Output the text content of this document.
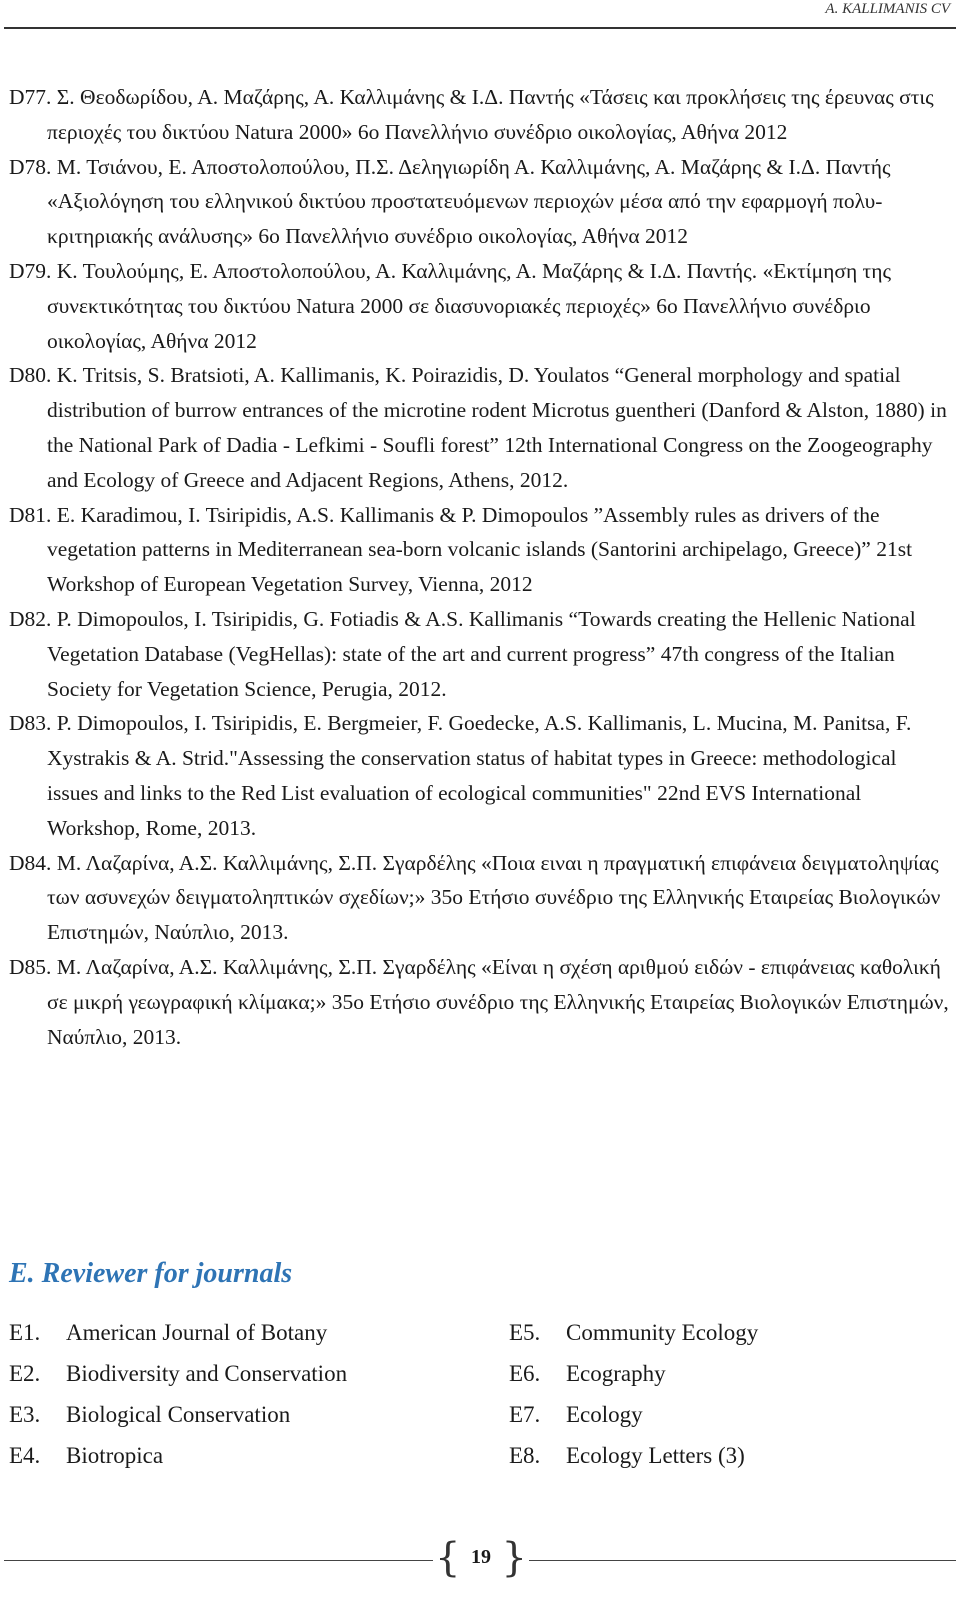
A. KALLIMANIS CV

D77. Σ. Θεοδωρίδου, Α. Μαζάρης, Α. Καλλιμάνης & Ι.Δ. Παντής «Τάσεις και προκλήσεις της έρευνας στις περιοχές του δικτύου Natura 2000» 6ο Πανελλήνιο συνέδριο οικολογίας, Αθήνα 2012

D78. Μ. Τσιάνου, Ε. Αποστολοπούλου, Π.Σ. Δεληγιωρίδη Α. Καλλιμάνης, Α. Μαζάρης & Ι.Δ. Παντής «Αξιολόγηση του ελληνικού δικτύου προστατευόμενων περιοχών μέσα από την εφαρμογή πολυ-κριτηριακής ανάλυσης» 6ο Πανελλήνιο συνέδριο οικολογίας, Αθήνα 2012

D79. Κ. Τουλούμης, Ε. Αποστολοπούλου, Α. Καλλιμάνης, Α. Μαζάρης & Ι.Δ. Παντής. «Εκτίμηση της συνεκτικότητας του δικτύου Natura 2000 σε διασυνοριακές περιοχές» 6ο Πανελλήνιο συνέδριο οικολογίας, Αθήνα 2012

D80. K. Tritsis, S. Bratsioti, A. Kallimanis, K. Poirazidis, D. Youlatos “General morphology and spatial distribution of burrow entrances of the microtine rodent Microtus guentheri (Danford & Alston, 1880) in the National Park of Dadia - Lefkimi - Soufli forest” 12th International Congress on the Zoogeography and Ecology of Greece and Adjacent Regions, Athens, 2012.

D81. E. Karadimou, I. Tsiripidis, A.S. Kallimanis & P. Dimopoulos ”Assembly rules as drivers of the vegetation patterns in Mediterranean sea-born volcanic islands (Santorini archipelago, Greece)” 21st Workshop of European Vegetation Survey, Vienna, 2012

D82. P. Dimopoulos, I. Tsiripidis, G. Fotiadis & A.S. Kallimanis “Towards creating the Hellenic National Vegetation Database (VegHellas): state of the art and current progress” 47th congress of the Italian Society for Vegetation Science, Perugia, 2012.

D83. P. Dimopoulos, I. Tsiripidis, E. Bergmeier, F. Goedecke, A.S. Kallimanis, L. Mucina, M. Panitsa, F. Xystrakis & A. Strid."Assessing the conservation status of habitat types in Greece: methodological issues and links to the Red List evaluation of ecological communities" 22nd EVS International Workshop, Rome, 2013.

D84. Μ. Λαζαρίνα, Α.Σ. Καλλιμάνης, Σ.Π. Σγαρδέλης «Ποια ειναι η πραγματική επιφάνεια δειγματοληψίας των ασυνεχών δειγματοληπτικών σχεδίων;» 35ο Ετήσιο συνέδριο της Ελληνικής Εταιρείας Βιολογικών Επιστημών, Ναύπλιο, 2013.

D85. Μ. Λαζαρίνα, Α.Σ. Καλλιμάνης, Σ.Π. Σγαρδέλης «Είναι η σχέση αριθμού ειδών - επιφάνειας καθολική σε μικρή γεωγραφική κλίμακα;» 35ο Ετήσιο συνέδριο της Ελληνικής Εταιρείας Βιολογικών Επιστημών, Ναύπλιο, 2013.

E. Reviewer for journals
E1. American Journal of Botany	E5. Community Ecology
E2. Biodiversity and Conservation	E6. Ecography
E3. Biological Conservation	E7. Ecology
E4. Biotropica	E8. Ecology Letters (3)
{ 19 }
